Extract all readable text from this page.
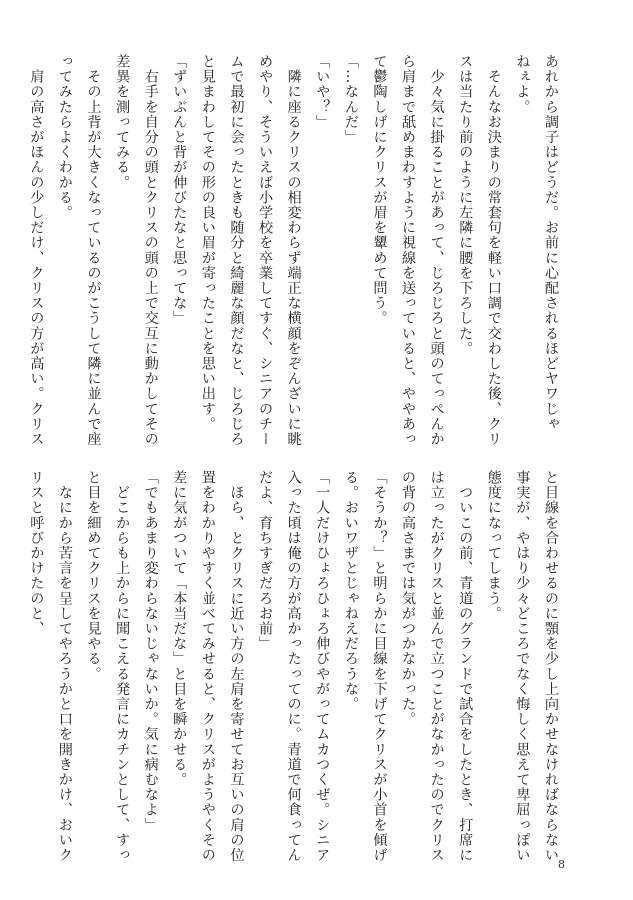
あれから調子はどうだ。お前に心配されるほどヤワじゃ
ねぇよ。
　そんなお決まりの常套句を軽い口調で交わした後、クリ
スは当たり前のように左隣に腰を下ろした。
　少々気に掛ることがあって、じろじろと頭のてっぺんか
ら肩まで舐めまわすように視線を送っていると、ややあっ
て鬱陶しげにクリスが眉を顰めて問う。
「…なんだ」
「いや？」
　隣に座るクリスの相変わらず端正な横顔をぞんざいに眺
めやり、そういえば小学校を卒業してすぐ、シニアのチー
ムで最初に会ったときも随分と綺麗な顔だなと、じろじろ
と見まわしてその形の良い眉が寄ったことを思い出す。
「ずいぶんと背が伸びたなと思ってな」
　右手を自分の頭とクリスの頭の上で交互に動かしてその
差異を測ってみる。
　その上背が大きくなっているのがこうして隣に並んで座
ってみたらよくわかる。
　肩の高さがほんの少しだけ、クリスの方が高い。クリス
と目線を合わせるのに顎を少し上向かせなければならない
事実が、やはり少々どころでなく悔しく思えて卑屈っぽい
態度になってしまう。
　ついこの前、青道のグランドで試合をしたとき、打席に
は立ったがクリスと並んで立つことがなかったのでクリス
の背の高さまでは気がつかなかった。
「そうか？」と明らかに目線を下げてクリスが小首を傾げ
る。おいワザとじゃねえだろうな。
「一人だけひょろひょろ伸びやがってムカつくぜ。シニア
入った頃は俺の方が高かったってのに。青道で何食ってん
だよ、育ちすぎだろお前」
　ほら、とクリスに近い方の左肩を寄せてお互いの肩の位
置をわかりやすく並べてみせると、クリスがようやくその
差に気がついて「本当だな」と目を瞬かせる。
「でもあまり変わらないじゃないか。気に病むなよ」
　どこからも上からに聞こえる発言にカチンとして、すっ
と目を細めてクリスを見やる。
　なにから苦言を呈してやろうかと口を開きかけ、おいク
リスと呼びかけたのと、
8
